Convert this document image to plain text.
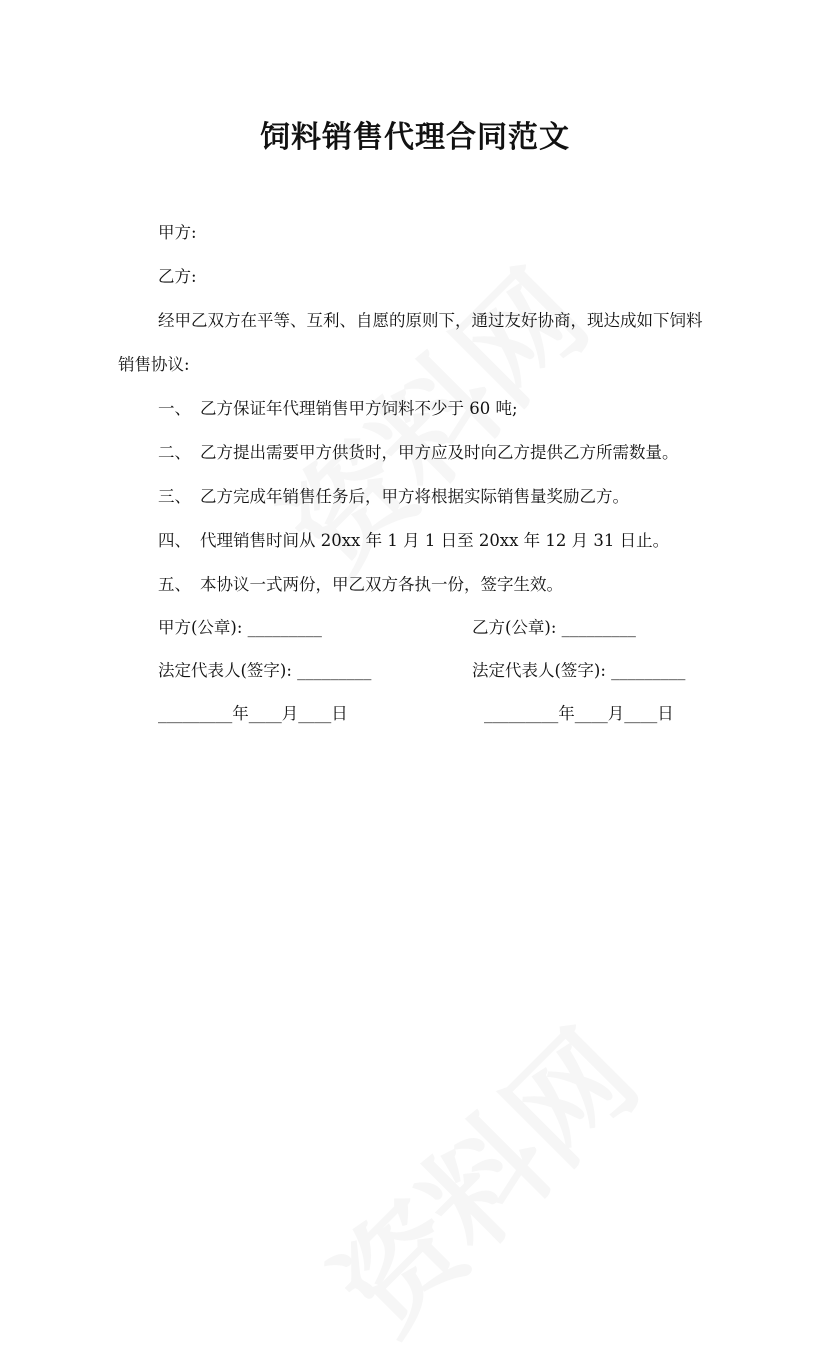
饲料销售代理合同范文
甲方:
乙方:
经甲乙双方在平等、互利、自愿的原则下，通过友好协商，现达成如下饲料
销售协议:
一、 乙方保证年代理销售甲方饲料不少于 60 吨;
二、 乙方提出需要甲方供货时，甲方应及时向乙方提供乙方所需数量。
三、 乙方完成年销售任务后，甲方将根据实际销售量奖励乙方。
四、 代理销售时间从 20xx 年 1 月 1 日至 20xx 年 12 月 31 日止。
五、 本协议一式两份，甲乙双方各执一份，签字生效。
甲方(公章): _________	乙方(公章): _________
法定代表人(签字): _________	法定代表人(签字): _________
_________年____月____日	_________年____月____日
